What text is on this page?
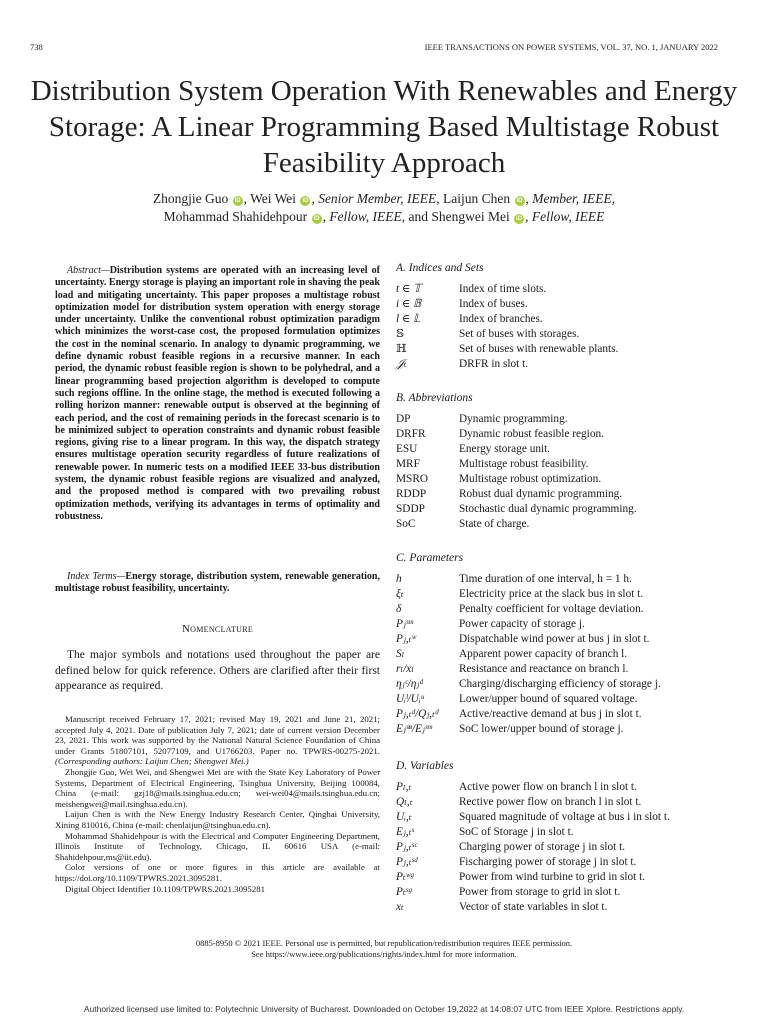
738	IEEE TRANSACTIONS ON POWER SYSTEMS, VOL. 37, NO. 1, JANUARY 2022
Distribution System Operation With Renewables and Energy Storage: A Linear Programming Based Multistage Robust Feasibility Approach
Zhongjie Guo iD , Wei Wei iD , Senior Member, IEEE, Laijun Chen iD , Member, IEEE,
Mohammad Shahidehpour iD , Fellow, IEEE, and Shengwei Mei iD , Fellow, IEEE
Abstract—Distribution systems are operated with an increasing level of uncertainty. Energy storage is playing an important role in shaving the peak load and mitigating uncertainty. This paper proposes a multistage robust optimization model for distribution system operation with energy storage under uncertainty. Unlike the conventional robust optimization paradigm which minimizes the worst-case cost, the proposed formulation optimizes the cost in the nominal scenario. In analogy to dynamic programming, we define dynamic robust feasible regions in a recursive manner. In each period, the dynamic robust feasible region is shown to be polyhedral, and a linear programming based projection algorithm is developed to compute such regions offline. In the online stage, the method is executed following a rolling horizon manner: renewable output is observed at the beginning of each period, and the cost of remaining periods in the forecast scenario is to be minimized subject to operation constraints and dynamic robust feasible regions, giving rise to a linear program. In this way, the dispatch strategy ensures multistage operation security regardless of future realizations of renewable power. In numeric tests on a modified IEEE 33-bus distribution system, the dynamic robust feasible regions are visualized and analyzed, and the proposed method is compared with two prevailing robust optimization methods, verifying its advantages in terms of optimality and robustness.
Index Terms—Energy storage, distribution system, renewable generation, multistage robust feasibility, uncertainty.
Nomenclature
The major symbols and notations used throughout the paper are defined below for quick reference. Others are clarified after their first appearance as required.

Manuscript received February 17, 2021; revised May 19, 2021 and June 21, 2021; accepted July 4, 2021. Date of publication July 7, 2021; date of current version December 23, 2021. This work was supported by the National Natural Science Foundation of China under Grants 51807101, 52077109, and U1766203. Paper no. TPWRS-00275-2021. (Corresponding authors: Laijun Chen; Shengwei Mei.)

Zhongjie Guo, Wei Wei, and Shengwei Mei are with the State Key Laboratory of Power Systems, Department of Electrical Engineering, Tsinghua University, Beijing 100084, China (e-mail: gzj18@mails.tsinghua.edu.cn; wei-wei04@mails.tsinghua.edu.cn; meishengwei@mail.tsinghua.edu.cn).

Laijun Chen is with the New Energy Industry Research Center, Qinghai University, Xining 810016, China (e-mail: chenlaijun@tsinghua.edu.cn).

Mohammad Shahidehpour is with the Electrical and Computer Engineering Department, Illinois Institute of Technology, Chicago, IL 60616 USA (e-mail: Shahidehpour,ms@iit.edu).

Color versions of one or more figures in this article are available at https://doi.org/10.1109/TPWRS.2021.3095281.

Digital Object Identifier 10.1109/TPWRS.2021.3095281

A. Indices and Sets
t ∈ 𝕋	Index of time slots.
i ∈ 𝔹	Index of buses.
l ∈ 𝕃	Index of branches.
𝕊	Set of buses with storages.
ℍ	Set of buses with renewable plants.
𝒥ₜ	DRFR in slot t.
B. Abbreviations
DP	Dynamic programming.
DRFR	Dynamic robust feasible region.
ESU	Energy storage unit.
MRF	Multistage robust feasibility.
MSRO	Multistage robust optimization.
RDDP	Robust dual dynamic programming.
SDDP	Stochastic dual dynamic programming.
SoC	State of charge.
C. Parameters
h	Time duration of one interval, h = 1 h.
ξₜ	Electricity price at the slack bus in slot t.
δ	Penalty coefficient for voltage deviation.
Pⱼˢᵐ	Power capacity of storage j.
Pⱼ,ₜʷ	Dispatchable wind power at bus j in slot t.
Sₗ	Apparent power capacity of branch l.
rₗ/xₗ	Resistance and reactance on branch l.
ηⱼᶜ/ηⱼᵈ	Charging/discharging efficiency of storage j.
Uᵢˡ/Uᵢᵘ	Lower/upper bound of squared voltage.
Pⱼ,ₜᵈ/Qⱼ,ₜᵈ	Active/reactive demand at bus j in slot t.
Eⱼˢⁿ/Eⱼˢᵐ	SoC lower/upper bound of storage j.
D. Variables
Pₗ,ₜ	Active power flow on branch l in slot t.
Qₗ,ₜ	Rective power flow on branch l in slot t.
Uᵢ,ₜ	Squared magnitude of voltage at bus i in slot t.
Eⱼ,ₜˢ	SoC of Storage j in slot t.
Pⱼ,ₜˢᶜ	Charging power of storage j in slot t.
Pⱼ,ₜˢᵈ	Fischarging power of storage j in slot t.
Pₜʷᵍ	Power from wind turbine to grid in slot t.
Pₜˢᵍ	Power from storage to grid in slot t.
xₜ	Vector of state variables in slot t.
0885-8950 © 2021 IEEE. Personal use is permitted, but republication/redistribution requires IEEE permission.
See https://www.ieee.org/publications/rights/index.html for more information.
Authorized licensed use limited to: Polytechnic University of Bucharest. Downloaded on October 19,2022 at 14:08:07 UTC from IEEE Xplore. Restrictions apply.
